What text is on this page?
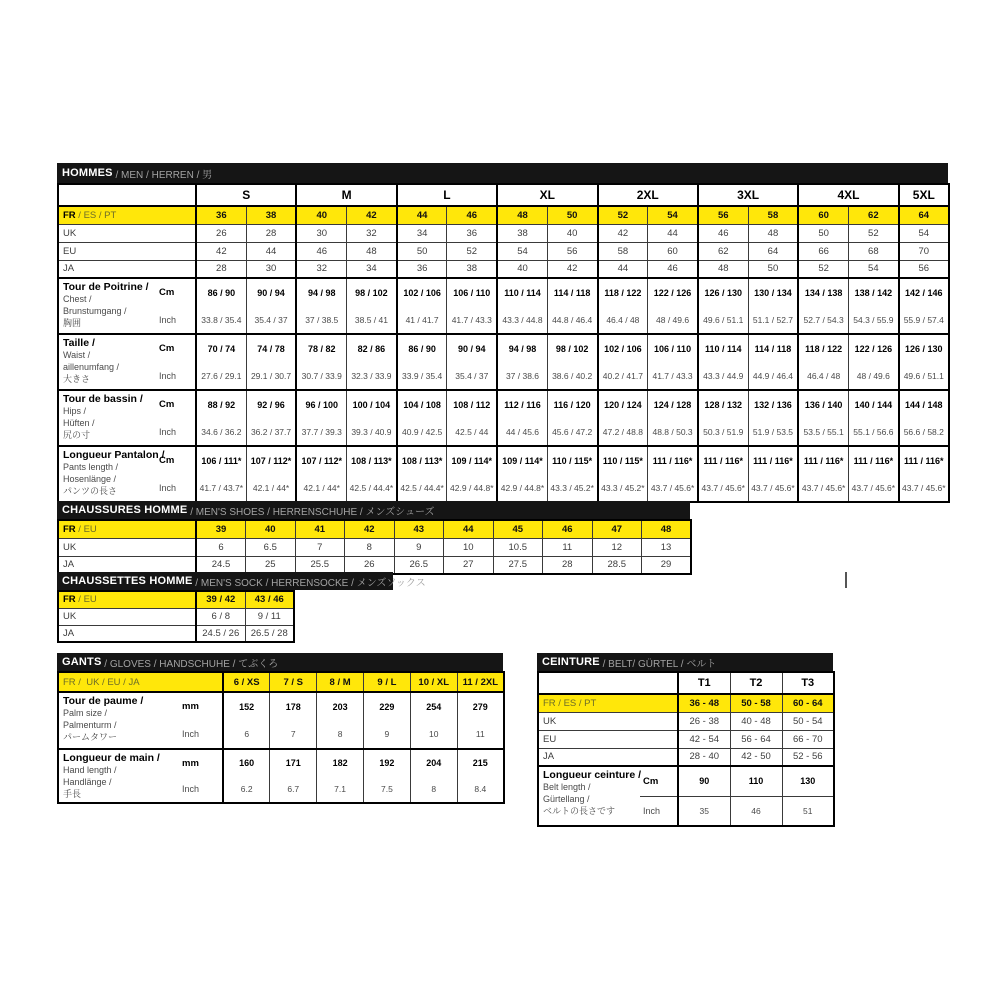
HOMMES / MEN / HERREN / 男
		S		M		L		XL		2XL		3XL		4XL		5XL
FR / ES / PT		36	38	40	42	44	46	48	50	52	54	56	58	60	62	64
UK		26	28	30	32	34	36	38	40	42	44	46	48	50	52	54
EU		42	44	46	48	50	52	54	56	58	60	62	64	66	68	70
JA		28	30	32	34	36	38	40	42	44	46	48	50	52	54	56

Tour de Poitrine /
Chest /
Brunstumgang /
胸囲	Cm	86 / 90	90 / 94	94 / 98	98 / 102	102 / 106	106 / 110	110 / 114	114 / 118	118 / 122	122 / 126	126 / 130	130 / 134	134 / 138	138 / 142	142 / 146
	Inch	33.8 / 35.4	35.4 / 37	37 / 38.5	38.5 / 41	41 / 41.7	41.7 / 43.3	43.3 / 44.8	44.8 / 46.4	46.4 / 48	48 / 49.6	49.6 / 51.1	51.1 / 52.7	52.7 / 54.3	54.3 / 55.9	55.9 / 57.4

Taille /
Waist /
aillenumfang /
大きさ	Cm	70 / 74	74 / 78	78 / 82	82 / 86	86 / 90	90 / 94	94 / 98	98 / 102	102 / 106	106 / 110	110 / 114	114 / 118	118 / 122	122 / 126	126 / 130
	Inch	27.6 / 29.1	29.1 / 30.7	30.7 / 33.9	32.3 / 33.9	33.9 / 35.4	35.4 / 37	37 / 38.6	38.6 / 40.2	40.2 / 41.7	41.7 / 43.3	43.3 / 44.9	44.9 / 46.4	46.4 / 48	48 / 49.6	49.6 / 51.1

Tour de bassin /
Hips /
Hüften /
尻の寸	Cm	88 / 92	92 / 96	96 / 100	100 / 104	104 / 108	108 / 112	112 / 116	116 / 120	120 / 124	124 / 128	128 / 132	132 / 136	136 / 140	140 / 144	144 / 148
	Inch	34.6 / 36.2	36.2 / 37.7	37.7 / 39.3	39.3 / 40.9	40.9 / 42.5	42.5 / 44	44 / 45.6	45.6 / 47.2	47.2 / 48.8	48.8 / 50.3	50.3 / 51.9	51.9 / 53.5	53.5 / 55.1	55.1 / 56.6	56.6 / 58.2

Longueur Pantalon /
Pants length /
Hosenlänge /
パンツの長さ	Cm	106 / 111*	107 / 112*	107 / 112*	108 / 113*	108 / 113*	109 / 114*	109 / 114*	110 / 115*	110 / 115*	111 / 116*	111 / 116*	111 / 116*	111 / 116*	111 / 116*	111 / 116*
	Inch	41.7 / 43.7*	42.1 / 44*	42.1 / 44*	42.5 / 44.4*	42.5 / 44.4*	42.9 / 44.8*	42.9 / 44.8*	43.3 / 45.2*	43.3 / 45.2*	43.7 / 45.6*	43.7 / 45.6*	43.7 / 45.6*	43.7 / 45.6*	43.7 / 45.6*	43.7 / 45.6*
CHAUSSURES HOMME / MEN'S SHOES / HERRENSCHUHE / メンズシューズ
FR / EU	39	40	41	42	43	44	45	46	47	48
UK	6	6.5	7	8	9	10	10.5	11	12	13
JA	24.5	25	25.5	26	26.5	27	27.5	28	28.5	29
CHAUSSETTES HOMME / MEN'S SOCK / HERRENSOCKE / メンズソックス
FR / EU	39 / 42	43 / 46
UK	6 / 8	9 / 11
JA	24.5 / 26	26.5 / 28
GANTS / GLOVES / HANDSCHUHE / てぶくろ
FR /  UK / EU / JA		6 / XS	7 / S	8 / M	9 / L	10 / XL	11 / 2XL

Tour de paume /
Palm size /
Palmenturm /
パームタワー	mm	152	178	203	229	254	279
	Inch	6	7	8	9	10	11

Longueur de main /
Hand length /
Handlänge /
手長	mm	160	171	182	192	204	215
	Inch	6.2	6.7	7.1	7.5	8	8.4
CEINTURE / BELT/ GÜRTEL / ベルト
		T1	T2	T3
FR / ES / PT		36 - 48	50 - 58	60 - 64
UK		26 - 38	40 - 48	50 - 54
EU		42 - 54	56 - 64	66 - 70
JA		28 - 40	42 - 50	52 - 56

Longueur ceinture /
Belt length /
Gürtellang /
ベルトの長さです	Cm	90	110	130
	Inch	35	46	51
